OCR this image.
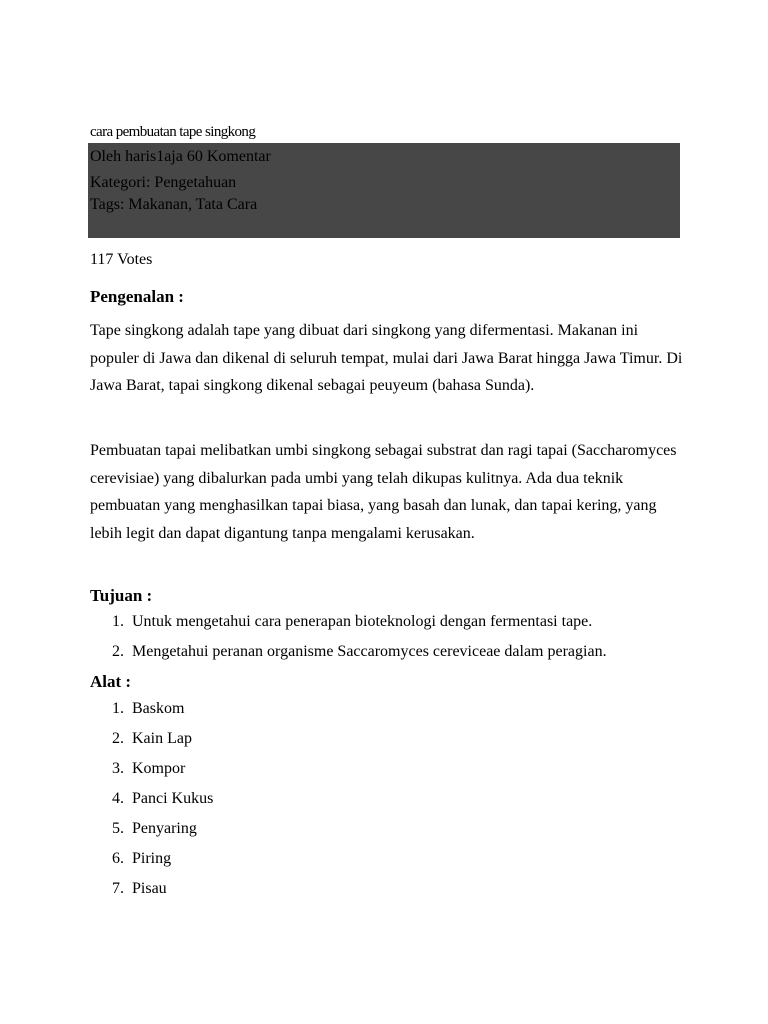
cara pembuatan tape singkong
Oleh haris1aja 60 Komentar
Kategori: Pengetahuan
Tags: Makanan, Tata Cara
117 Votes
Pengenalan :

Tape singkong adalah tape yang dibuat dari singkong yang difermentasi. Makanan ini populer di Jawa dan dikenal di seluruh tempat, mulai dari Jawa Barat hingga Jawa Timur. Di Jawa Barat, tapai singkong dikenal sebagai peuyeum (bahasa Sunda).

Pembuatan tapai melibatkan umbi singkong sebagai substrat dan ragi tapai (Saccharomyces cerevisiae) yang dibalurkan pada umbi yang telah dikupas kulitnya. Ada dua teknik pembuatan yang menghasilkan tapai biasa, yang basah dan lunak, dan tapai kering, yang lebih legit dan dapat digantung tanpa mengalami kerusakan.

Tujuan :
1. Untuk mengetahui cara penerapan bioteknologi dengan fermentasi tape.
2. Mengetahui peranan organisme Saccaromyces cereviceae dalam peragian.
Alat :
1. Baskom
2. Kain Lap
3. Kompor
4. Panci Kukus
5. Penyaring
6. Piring
7. Pisau
